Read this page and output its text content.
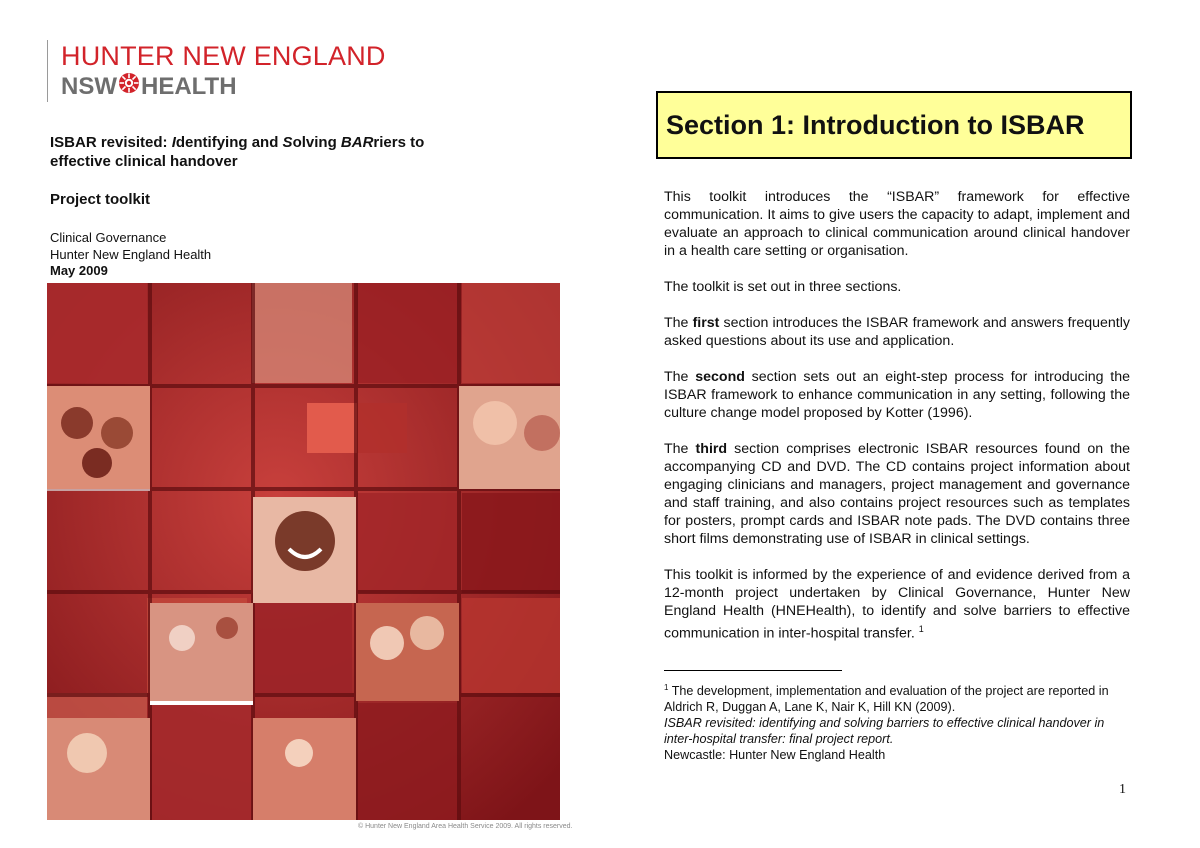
HUNTER NEW ENGLAND
NSW HEALTH
ISBAR revisited: Identifying and Solving BARriers to
effective clinical handover
Project toolkit
Clinical Governance
Hunter New England Health
May 2009
© Hunter New England Area Health Service 2009. All rights reserved.
Section 1: Introduction to ISBAR

This toolkit introduces the “ISBAR” framework for effective communication. It aims to give users the capacity to adapt, implement and evaluate an approach to clinical communication around clinical handover in a health care setting or organisation.

The toolkit is set out in three sections.

The first section introduces the ISBAR framework and answers frequently asked questions about its use and application.

The second section sets out an eight-step process for introducing the ISBAR framework to enhance communication in any setting, following the culture change model proposed by Kotter (1996).

The third section comprises electronic ISBAR resources found on the accompanying CD and DVD. The CD contains project information about engaging clinicians and managers, project management and governance and staff training, and also contains project resources such as templates for posters, prompt cards and ISBAR note pads. The DVD contains three short films demonstrating use of ISBAR in clinical settings.

This toolkit is informed by the experience of and evidence derived from a 12-month project undertaken by Clinical Governance, Hunter New England Health (HNEHealth), to identify and solve barriers to effective communication in inter-hospital transfer. $^1$

$^1$ The development, implementation and evaluation of the project are reported in
Aldrich R, Duggan A, Lane K, Nair K, Hill KN (2009).
ISBAR revisited: identifying and solving barriers to effective clinical handover in inter-hospital transfer: final project report.
Newcastle: Hunter New England Health
1
